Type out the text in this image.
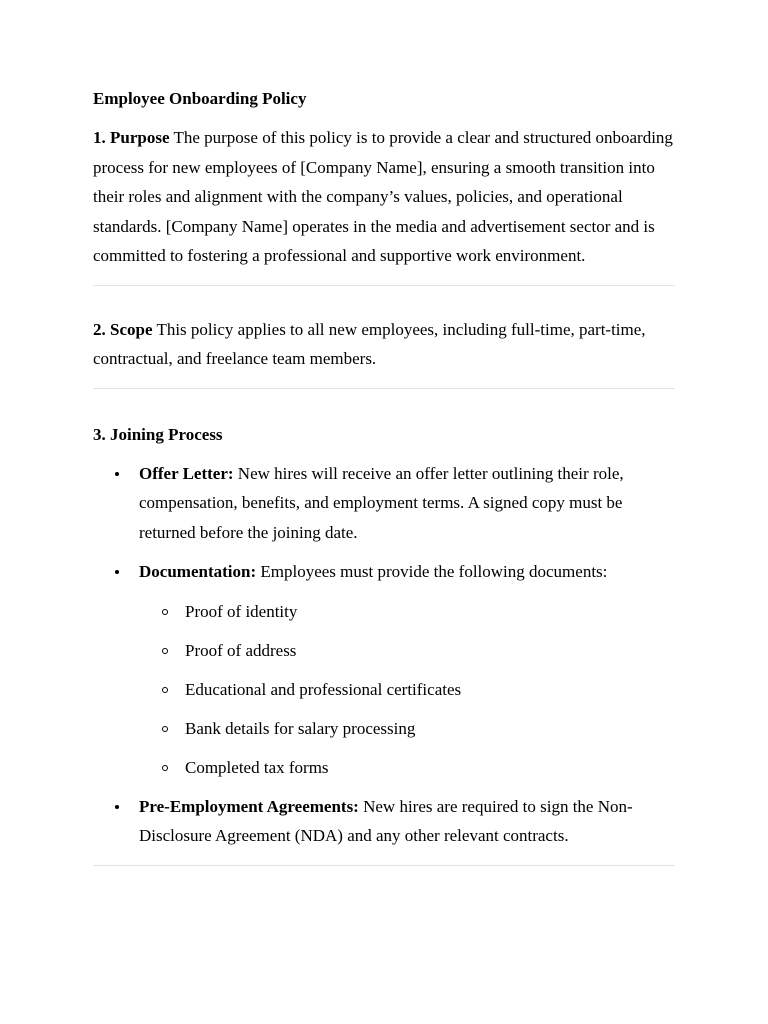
Employee Onboarding Policy

1. Purpose The purpose of this policy is to provide a clear and structured onboarding process for new employees of [Company Name], ensuring a smooth transition into their roles and alignment with the company’s values, policies, and operational standards. [Company Name] operates in the media and advertisement sector and is committed to fostering a professional and supportive work environment.

2. Scope This policy applies to all new employees, including full-time, part-time, contractual, and freelance team members.

3. Joining Process
Offer Letter: New hires will receive an offer letter outlining their role, compensation, benefits, and employment terms. A signed copy must be returned before the joining date.
Documentation: Employees must provide the following documents:
Proof of identity
Proof of address
Educational and professional certificates
Bank details for salary processing
Completed tax forms
Pre-Employment Agreements: New hires are required to sign the Non-Disclosure Agreement (NDA) and any other relevant contracts.
